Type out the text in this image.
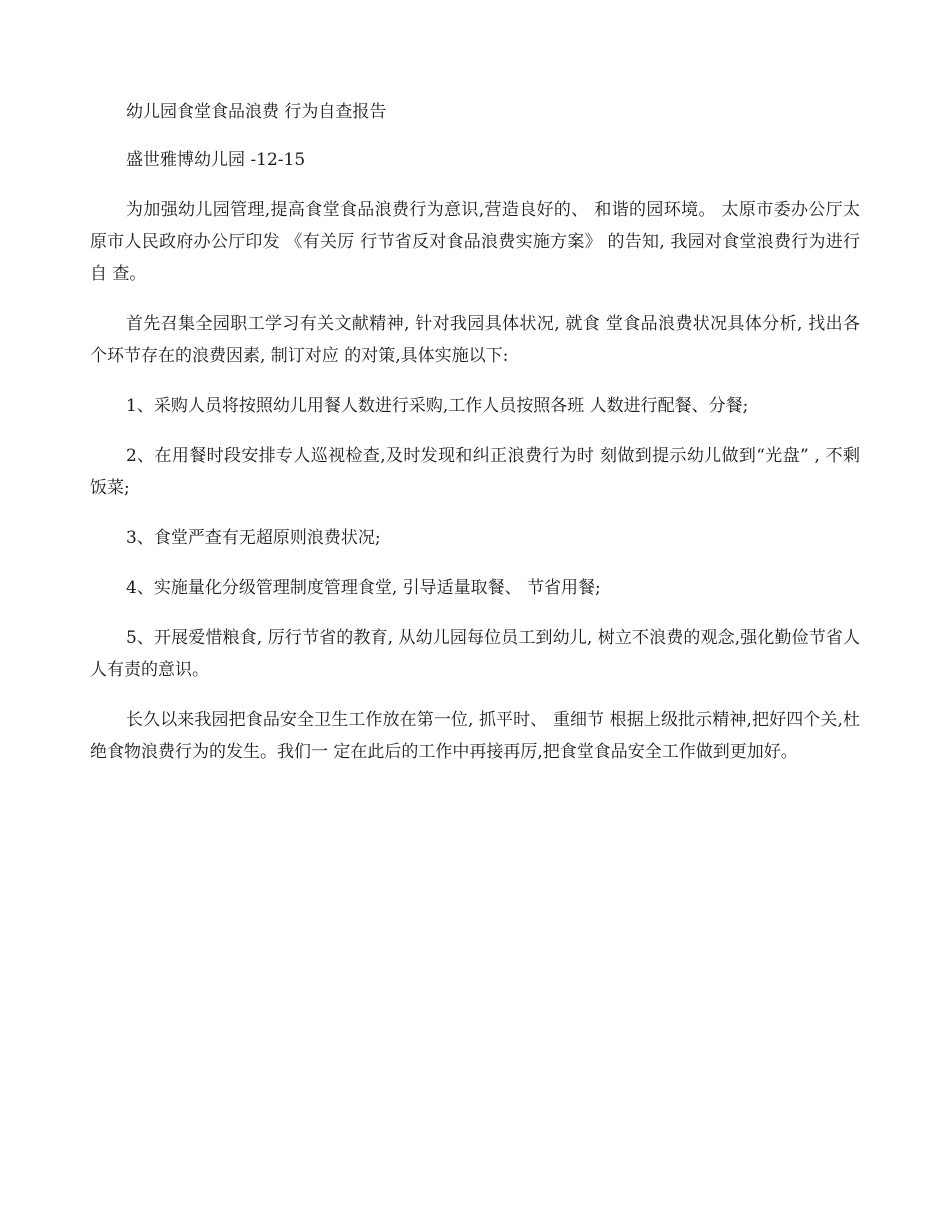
幼儿园食堂食品浪费 行为自查报告

盛世雅博幼儿园 -12-15

为加强幼儿园管理,提高食堂食品浪费行为意识,营造良好的、 和谐的园环境。 太原市委办公厅太原市人民政府办公厅印发 《有关厉 行节省反对食品浪费实施方案》 的告知, 我园对食堂浪费行为进行自 查。

首先召集全园职工学习有关文献精神, 针对我园具体状况, 就食 堂食品浪费状况具体分析, 找出各个环节存在的浪费因素, 制订对应 的对策,具体实施以下:

1、采购人员将按照幼儿用餐人数进行采购,工作人员按照各班 人数进行配餐、分餐;

2、在用餐时段安排专人巡视检查,及时发现和纠正浪费行为时 刻做到提示幼儿做到“光盘” , 不剩饭菜;

3、食堂严查有无超原则浪费状况;

4、实施量化分级管理制度管理食堂, 引导适量取餐、 节省用餐;

5、开展爱惜粮食, 厉行节省的教育, 从幼儿园每位员工到幼儿, 树立不浪费的观念,强化勤俭节省人人有责的意识。

长久以来我园把食品安全卫生工作放在第一位, 抓平时、 重细节 根据上级批示精神,把好四个关,杜绝食物浪费行为的发生。我们一 定在此后的工作中再接再厉,把食堂食品安全工作做到更加好。
